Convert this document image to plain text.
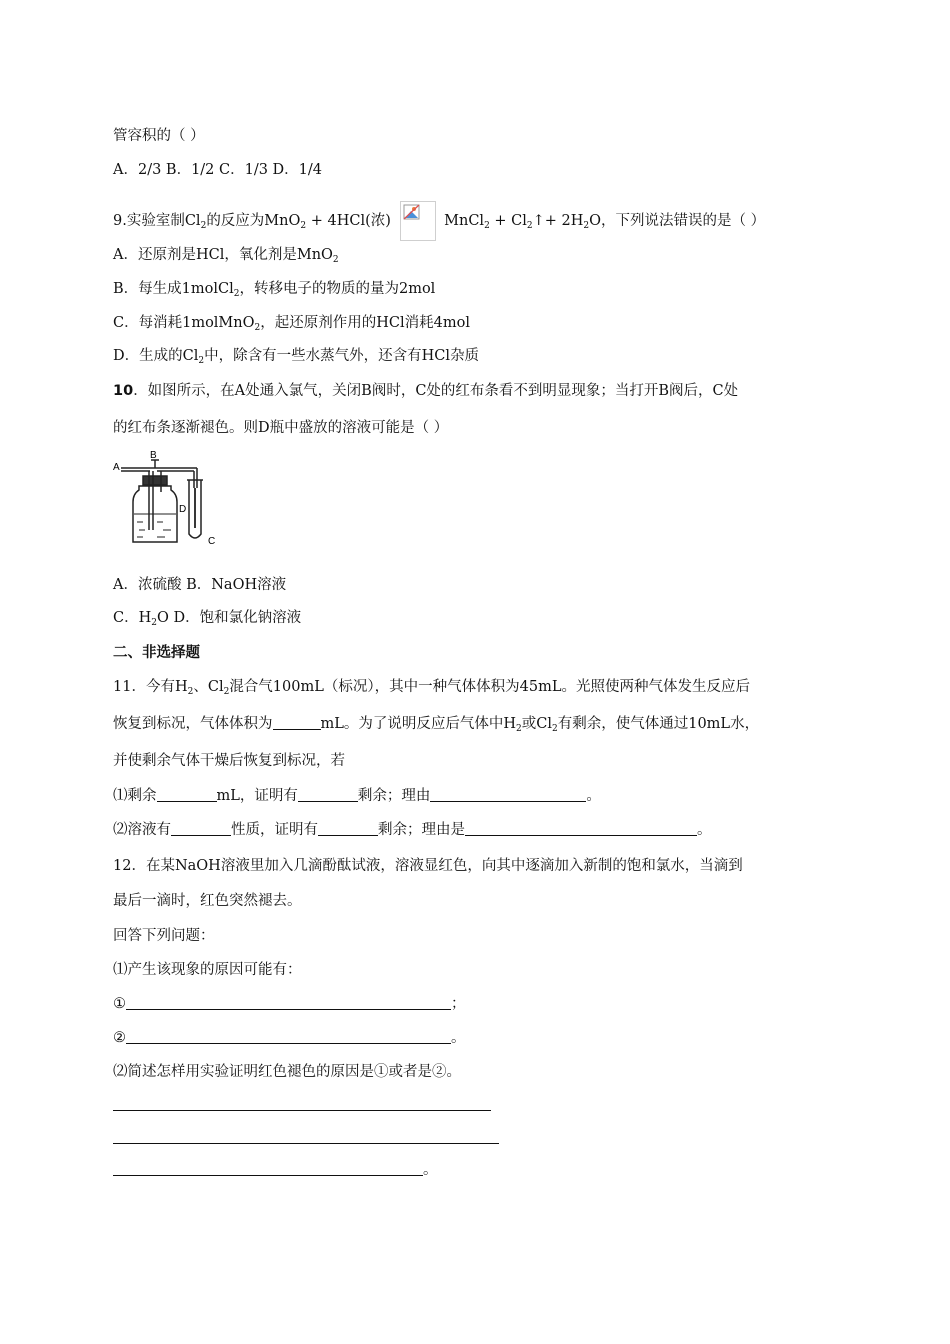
管容积的（ ）
A．2/3 B．1/2 C．1/3 D．1/4
9.实验室制$Cl_2$的反应为MnO$_2$ + 4HCl(浓)	MnCl$_2$ + $Cl_2↑+ 2H_2O$，下列说法错误的是（ ）
A．还原剂是HCl，氧化剂是MnO$_2$
B．每生成1molCl$_2$，转移电子的物质的量为2mol
C．每消耗1molMnO$_2$，起还原剂作用的HCl消耗4mol
D．生成的$Cl_2$中，除含有一些水蒸气外，还含有HCl杂质
10．如图所示，在A处通入氯气，关闭B阀时，C处的红布条看不到明显现象；当打开B阀后，C处
的红布条逐渐褪色。则D瓶中盛放的溶液可能是（ ）
A
B
D
C
A．浓硫酸 B．NaOH溶液
C．$H_2O$ D．饱和氯化钠溶液
二、非选择题
11．今有$H_2$、$Cl_2$混合气100mL（标况），其中一种气体体积为45mL。光照使两种气体发生反应后
恢复到标况，气体体积为	mL。为了说明反应后气体中$H_2$或$Cl_2$有剩余，使气体通过10mL水，
并使剩余气体干燥后恢复到标况，若
⑴剩余	mL，证明有	剩余；理由	。
⑵溶液有	性质，证明有	剩余；理由是	。
12．在某NaOH溶液里加入几滴酚酞试液，溶液显红色，向其中逐滴加入新制的饱和氯水，当滴到
最后一滴时，红色突然褪去。
回答下列问题：
⑴产生该现象的原因可能有：
①	；
②	。
⑵简述怎样用实验证明红色褪色的原因是①或者是②。
。
